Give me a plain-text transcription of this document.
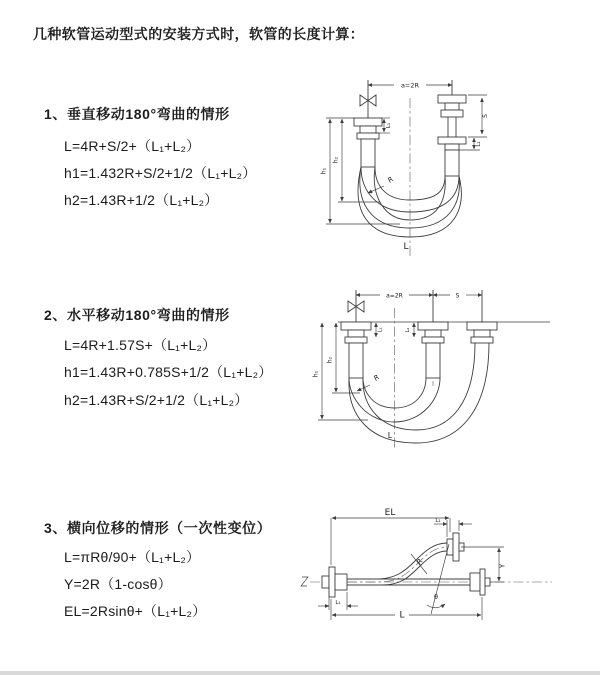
几种软管运动型式的安装方式时，软管的长度计算：
1、垂直移动180°弯曲的情形
L=4R+S/2+（L₁+L₂）
h1=1.432R+S/2+1/2（L₁+L₂）
h2=1.43R+1/2（L₁+L₂）
2、水平移动180°弯曲的情形
L=4R+1.57S+（L₁+L₂）
h1=1.43R+0.785S+1/2（L₁+L₂）
h2=1.43R+S/2+1/2（L₁+L₂）
3、横向位移的情形（一次性变位）
L=πRθ/90+（L₁+L₂）
Y=2R（1-cosθ）
EL=2Rsinθ+（L₁+L₂）
a=2R
S
L₂
L₁
h₁
h₂
R
L
a=2R	S
L₁	L₂
h₁
h₂
R
L
EL
L₁
Y
R
θ
L
L₁
